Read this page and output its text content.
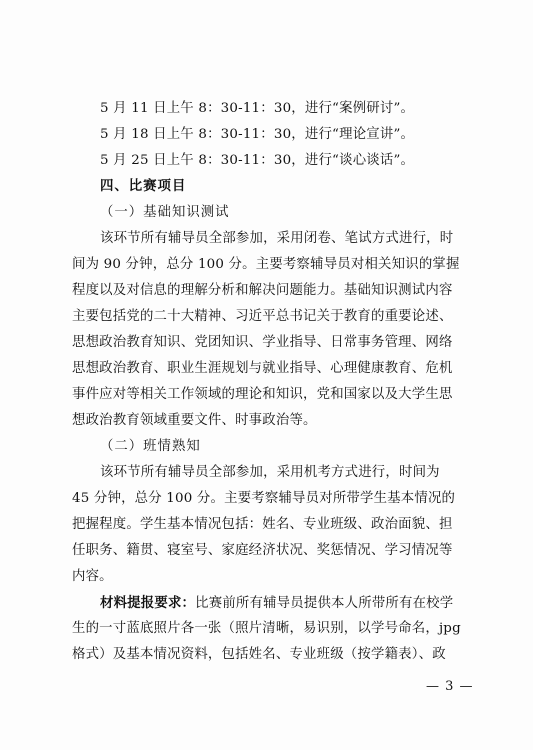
5 月 11 日上午 8：30-11：30，进行“案例研讨”。
5 月 18 日上午 8：30-11：30，进行“理论宣讲”。
5 月 25 日上午 8：30-11：30，进行“谈心谈话”。
四、比赛项目
（一）基础知识测试
该环节所有辅导员全部参加，采用闭卷、笔试方式进行，时
间为 90 分钟，总分 100 分。主要考察辅导员对相关知识的掌握
程度以及对信息的理解分析和解决问题能力。基础知识测试内容
主要包括党的二十大精神、习近平总书记关于教育的重要论述、
思想政治教育知识、党团知识、学业指导、日常事务管理、网络
思想政治教育、职业生涯规划与就业指导、心理健康教育、危机
事件应对等相关工作领域的理论和知识，党和国家以及大学生思
想政治教育领域重要文件、时事政治等。
（二）班情熟知
该环节所有辅导员全部参加，采用机考方式进行，时间为
45 分钟，总分 100 分。主要考察辅导员对所带学生基本情况的
把握程度。学生基本情况包括：姓名、专业班级、政治面貌、担
任职务、籍贯、寝室号、家庭经济状况、奖惩情况、学习情况等
内容。
材料提报要求：比赛前所有辅导员提供本人所带所有在校学
生的一寸蓝底照片各一张（照片清晰，易识别，以学号命名，jpg
格式）及基本情况资料，包括姓名、专业班级（按学籍表）、政
— 3 —
